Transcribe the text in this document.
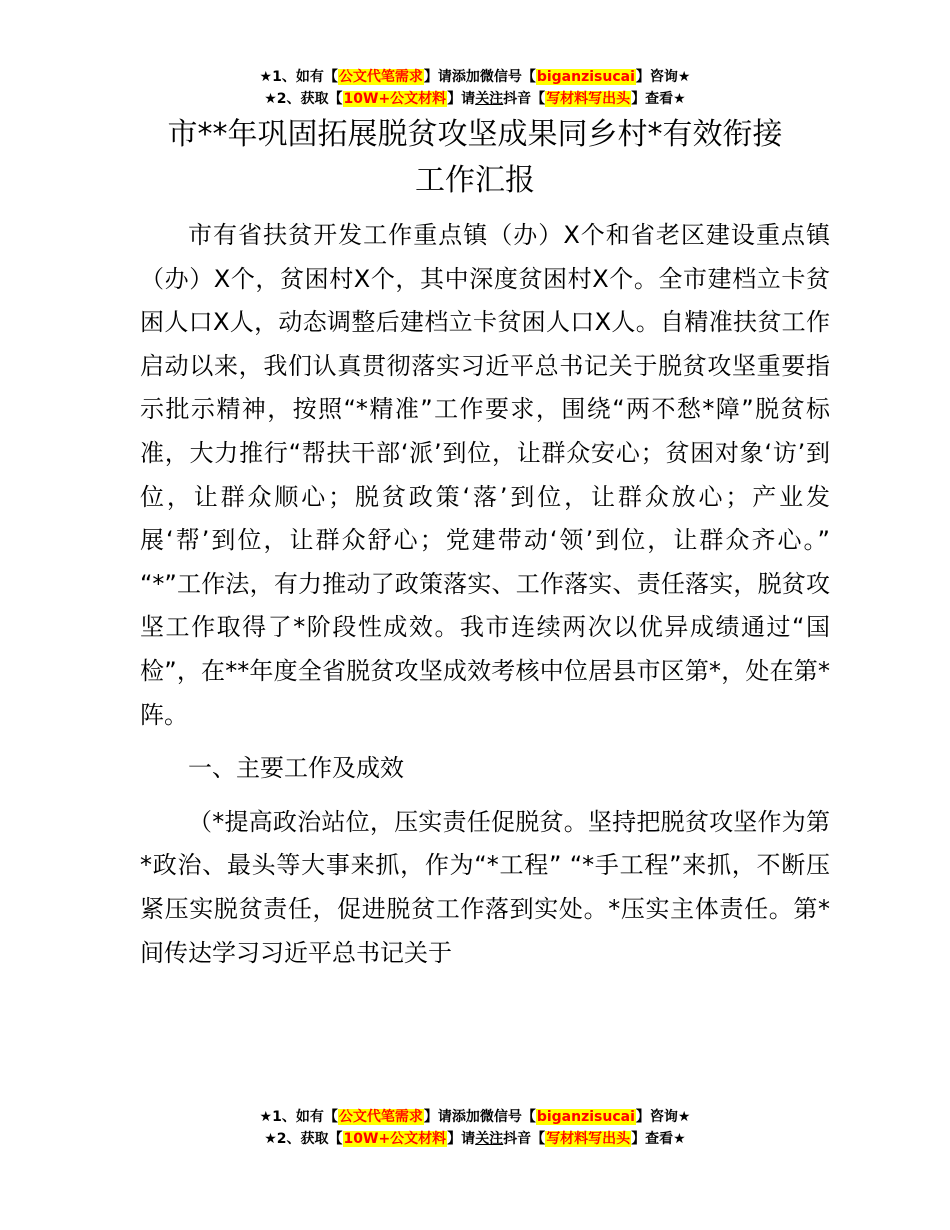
★1、如有【公文代笔需求】请添加微信号【biganzisucai】咨询★
★2、获取【10W+公文材料】请关注抖音【写材料写出头】查看★
市**年巩固拓展脱贫攻坚成果同乡村*有效衔接
工作汇报

市有省扶贫开发工作重点镇（办）X个和省老区建设重点镇（办）X个，贫困村X个，其中深度贫困村X个。全市建档立卡贫困人口X人，动态调整后建档立卡贫困人口X人。自精准扶贫工作启动以来，我们认真贯彻落实习近平总书记关于脱贫攻坚重要指示批示精神，按照“*精准”工作要求，围绕“两不愁*障”脱贫标准，大力推行“帮扶干部‘派’到位，让群众安心；贫困对象‘访’到位，让群众顺心；脱贫政策‘落’到位，让群众放心；产业发展‘帮’到位，让群众舒心；党建带动‘领’到位，让群众齐心。” “*”工作法，有力推动了政策落实、工作落实、责任落实，脱贫攻坚工作取得了*阶段性成效。我市连续两次以优异成绩通过“国检”，在**年度全省脱贫攻坚成效考核中位居县市区第*，处在第*阵。

一、主要工作及成效

（*提高政治站位，压实责任促脱贫。坚持把脱贫攻坚作为第*政治、最头等大事来抓，作为“*工程” “*手工程”来抓，不断压紧压实脱贫责任，促进脱贫工作落到实处。*压实主体责任。第*间传达学习习近平总书记关于

★1、如有【公文代笔需求】请添加微信号【biganzisucai】咨询★
★2、获取【10W+公文材料】请关注抖音【写材料写出头】查看★
